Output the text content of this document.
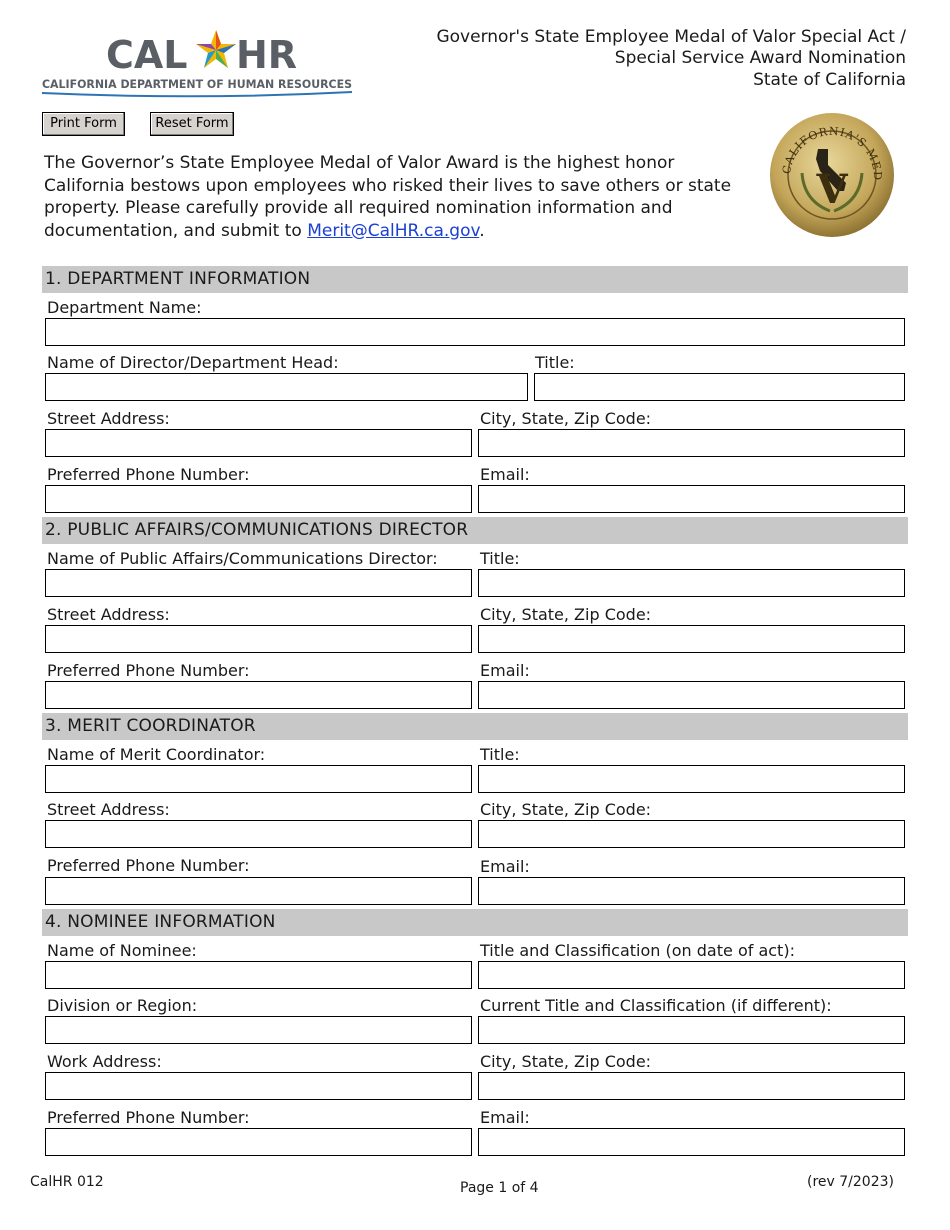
CAL HR
CALIFORNIA DEPARTMENT OF HUMAN RESOURCES
Governor's State Employee Medal of Valor Special Act /
Special Service Award Nomination
State of California
Print Form	Reset Form
The Governor’s State Employee Medal of Valor Award is the highest honor California bestows upon employees who risked their lives to save others or state property. Please carefully provide all required nomination information and documentation, and submit to Merit@CalHR.ca.gov.
CALIFORNIA'S MED
V
1. DEPARTMENT INFORMATION
Department Name:
Name of Director/Department Head:	Title:
Street Address:	City, State, Zip Code:
Preferred Phone Number:	Email:
2. PUBLIC AFFAIRS/COMMUNICATIONS DIRECTOR
Name of Public Affairs/Communications Director:	Title:
Street Address:	City, State, Zip Code:
Preferred Phone Number:	Email:
3. MERIT COORDINATOR
Name of Merit Coordinator:	Title:
Street Address:	City, State, Zip Code:
Preferred Phone Number:	Email:
4. NOMINEE INFORMATION
Name of Nominee:	Title and Classification (on date of act):
Division or Region:	Current Title and Classification (if different):
Work Address:	City, State, Zip Code:
Preferred Phone Number:	Email:
CalHR 012	Page 1 of 4	(rev 7/2023)
